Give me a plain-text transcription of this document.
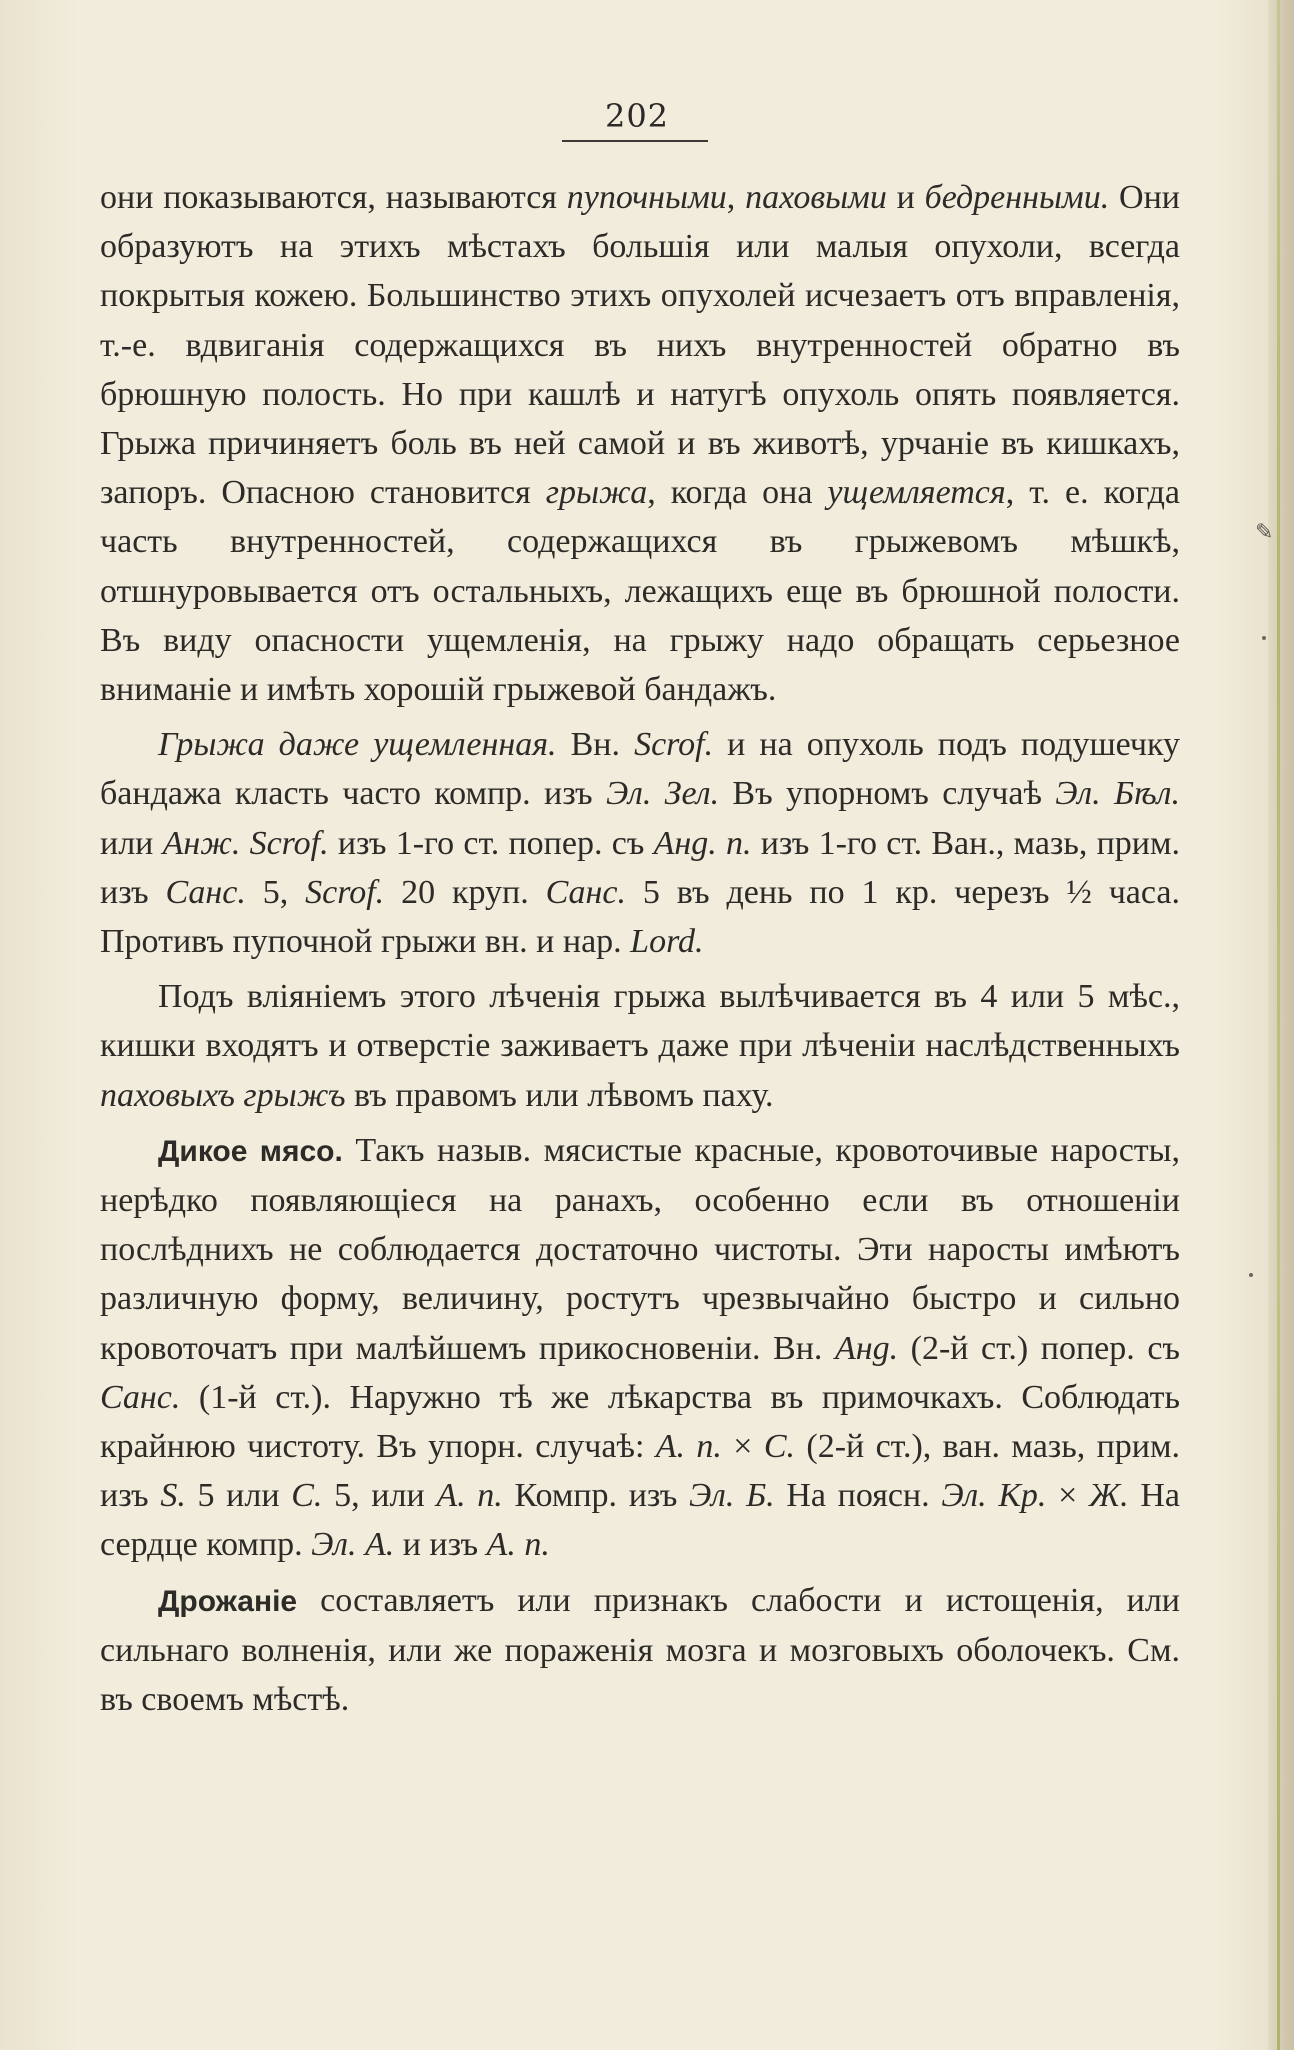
202

они показываются, называются пупочными, паховыми и бедренными. Они образуютъ на этихъ мѣстахъ большія или малыя опухоли, всегда покрытыя кожею. Большинство этихъ опухолей исчезаетъ отъ вправленія, т.-е. вдвиганія содержащихся въ нихъ внутренностей обратно въ брюшную полость. Но при кашлѣ и натугѣ опухоль опять появляется. Грыжа причиняетъ боль въ ней самой и въ животѣ, урчаніе въ кишкахъ, запоръ. Опасною становится грыжа, когда она ущемляется, т. е. когда часть внутренностей, содержащихся въ грыжевомъ мѣшкѣ, отшнуровывается отъ остальныхъ, лежащихъ еще въ брюшной полости. Въ виду опасности ущемленія, на грыжу надо обращать серьезное вниманіе и имѣть хорошій грыжевой бандажъ.

Грыжа даже ущемленная. Вн. Scrof. и на опухоль подъ подушечку бандажа класть часто компр. изъ Эл. Зел. Въ упорномъ случаѣ Эл. Бѣл. или Анж. Scrof. изъ 1-го ст. попер. съ Анg. п. изъ 1-го ст. Ван., мазь, прим. изъ Санс. 5, Scrof. 20 круп. Санс. 5 въ день по 1 кр. черезъ ½ часа. Противъ пупочной грыжи вн. и нар. Lord.

Подъ вліяніемъ этого лѣченія грыжа вылѣчивается въ 4 или 5 мѣс., кишки входятъ и отверстіе заживаетъ даже при лѣченіи наслѣдственныхъ паховыхъ грыжъ въ правомъ или лѣвомъ паху.

Дикое мясо. Такъ назыв. мясистые красные, кровоточивые наросты, нерѣдко появляющіеся на ранахъ, особенно если въ отношеніи послѣднихъ не соблюдается достаточно чистоты. Эти наросты имѣютъ различную форму, величину, ростутъ чрезвычайно быстро и сильно кровоточатъ при малѣйшемъ прикосновеніи. Вн. Анg. (2-й ст.) попер. съ Санс. (1-й ст.). Наружно тѣ же лѣкарства въ примочкахъ. Соблюдать крайнюю чистоту. Въ упорн. случаѣ: А. п. × С. (2-й ст.), ван. мазь, прим. изъ S. 5 или С. 5, или А. п. Компр. изъ Эл. Б. На поясн. Эл. Кр. × Ж. На сердце компр. Эл. А. и изъ А. п.

Дрожаніе составляетъ или признакъ слабости и истощенія, или сильнаго волненія, или же пораженія мозга и мозговыхъ оболочекъ. См. въ своемъ мѣстѣ.

✎
